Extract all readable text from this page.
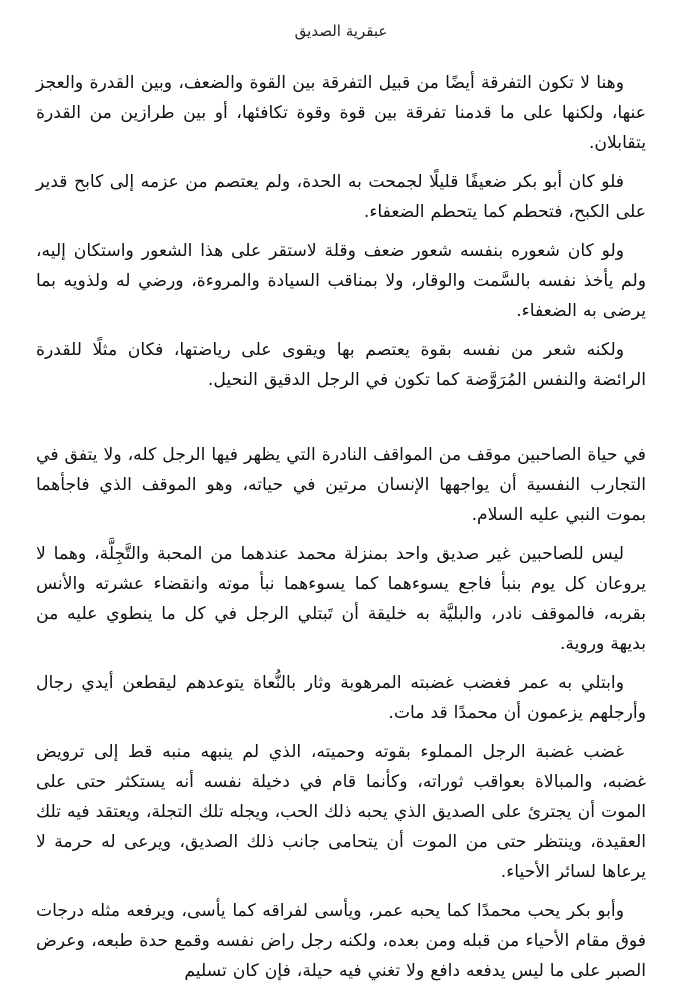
عبقرية الصديق

وهنا لا تكون التفرقة أيضًا من قبيل التفرقة بين القوة والضعف، وبين القدرة والعجز عنها، ولكنها على ما قدمنا تفرقة بين قوة وقوة تكافئها، أو بين طرازين من القدرة يتقابلان.

فلو كان أبو بكر ضعيفًا قليلًا لجمحت به الحدة، ولم يعتصم من عزمه إلى كابح قدير على الكبح، فتحطم كما يتحطم الضعفاء.

ولو كان شعوره بنفسه شعور ضعف وقلة لاستقر على هذا الشعور واستكان إليه، ولم يأخذ نفسه بالسَّمت والوقار، ولا بمناقب السيادة والمروءة، ورضي له ولذويه بما يرضى به الضعفاء.

ولكنه شعر من نفسه بقوة يعتصم بها ويقوى على رياضتها، فكان مثلًا للقدرة الرائضة والنفس المُرَوَّضة كما تكون في الرجل الدقيق النحيل.

في حياة الصاحبين موقف من المواقف النادرة التي يظهر فيها الرجل كله، ولا يتفق في التجارب النفسية أن يواجهها الإنسان مرتين في حياته، وهو الموقف الذي فاجأهما بموت النبي عليه السلام.

ليس للصاحبين غير صديق واحد بمنزلة محمد عندهما من المحبة والتَّجِلَّة، وهما لا يروعان كل يوم بنبأ فاجع يسوءهما كما يسوءهما نبأ موته وانقضاء عشرته والأنس بقربه، فالموقف نادر، والبليَّة به خليقة أن تَبتلي الرجل في كل ما ينطوي عليه من بديهة وروية.

وابتلي به عمر فغضب غضبته المرهوبة وثار بالنُّعاة يتوعدهم ليقطعن أيدي رجال وأرجلهم يزعمون أن محمدًا قد مات.

غضب غضبة الرجل المملوء بقوته وحميته، الذي لم ينبهه منبه قط إلى ترويض غضبه، والمبالاة بعواقب ثوراته، وكأنما قام في دخيلة نفسه أنه يستكثر حتى على الموت أن يجترئ على الصديق الذي يحبه ذلك الحب، ويجله تلك التجلة، ويعتقد فيه تلك العقيدة، وينتظر حتى من الموت أن يتحامى جانب ذلك الصديق، ويرعى له حرمة لا يرعاها لسائر الأحياء.

وأبو بكر يحب محمدًا كما يحبه عمر، ويأسى لفراقه كما يأسى، ويرفعه مثله درجات فوق مقام الأحياء من قبله ومن بعده، ولكنه رجل راض نفسه وقمع حدة طبعه، وعرض الصبر على ما ليس يدفعه دافع ولا تغني فيه حيلة، فإن كان تسليم
